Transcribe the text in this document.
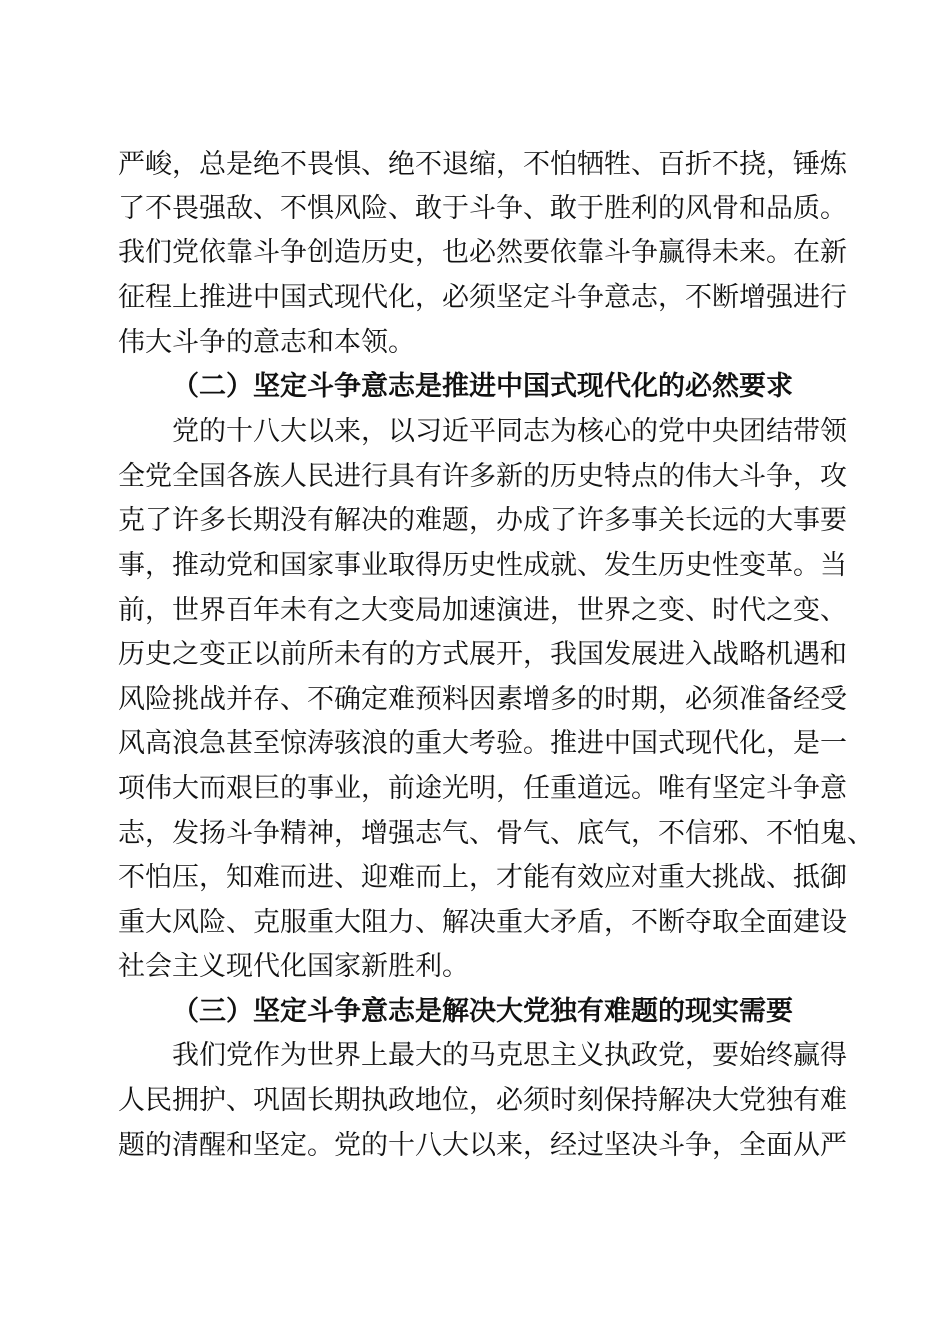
严峻，总是绝不畏惧、绝不退缩，不怕牺牲、百折不挠，锤炼
了不畏强敌、不惧风险、敢于斗争、敢于胜利的风骨和品质。
我们党依靠斗争创造历史，也必然要依靠斗争赢得未来。在新
征程上推进中国式现代化，必须坚定斗争意志，不断增强进行
伟大斗争的意志和本领。
（二）坚定斗争意志是推进中国式现代化的必然要求
党的十八大以来，以习近平同志为核心的党中央团结带领
全党全国各族人民进行具有许多新的历史特点的伟大斗争，攻
克了许多长期没有解决的难题，办成了许多事关长远的大事要
事，推动党和国家事业取得历史性成就、发生历史性变革。当
前，世界百年未有之大变局加速演进，世界之变、时代之变、
历史之变正以前所未有的方式展开，我国发展进入战略机遇和
风险挑战并存、不确定难预料因素增多的时期，必须准备经受
风高浪急甚至惊涛骇浪的重大考验。推进中国式现代化，是一
项伟大而艰巨的事业，前途光明，任重道远。唯有坚定斗争意
志，发扬斗争精神，增强志气、骨气、底气，不信邪、不怕鬼、
不怕压，知难而进、迎难而上，才能有效应对重大挑战、抵御
重大风险、克服重大阻力、解决重大矛盾，不断夺取全面建设
社会主义现代化国家新胜利。
（三）坚定斗争意志是解决大党独有难题的现实需要
我们党作为世界上最大的马克思主义执政党，要始终赢得
人民拥护、巩固长期执政地位，必须时刻保持解决大党独有难
题的清醒和坚定。党的十八大以来，经过坚决斗争，全面从严
